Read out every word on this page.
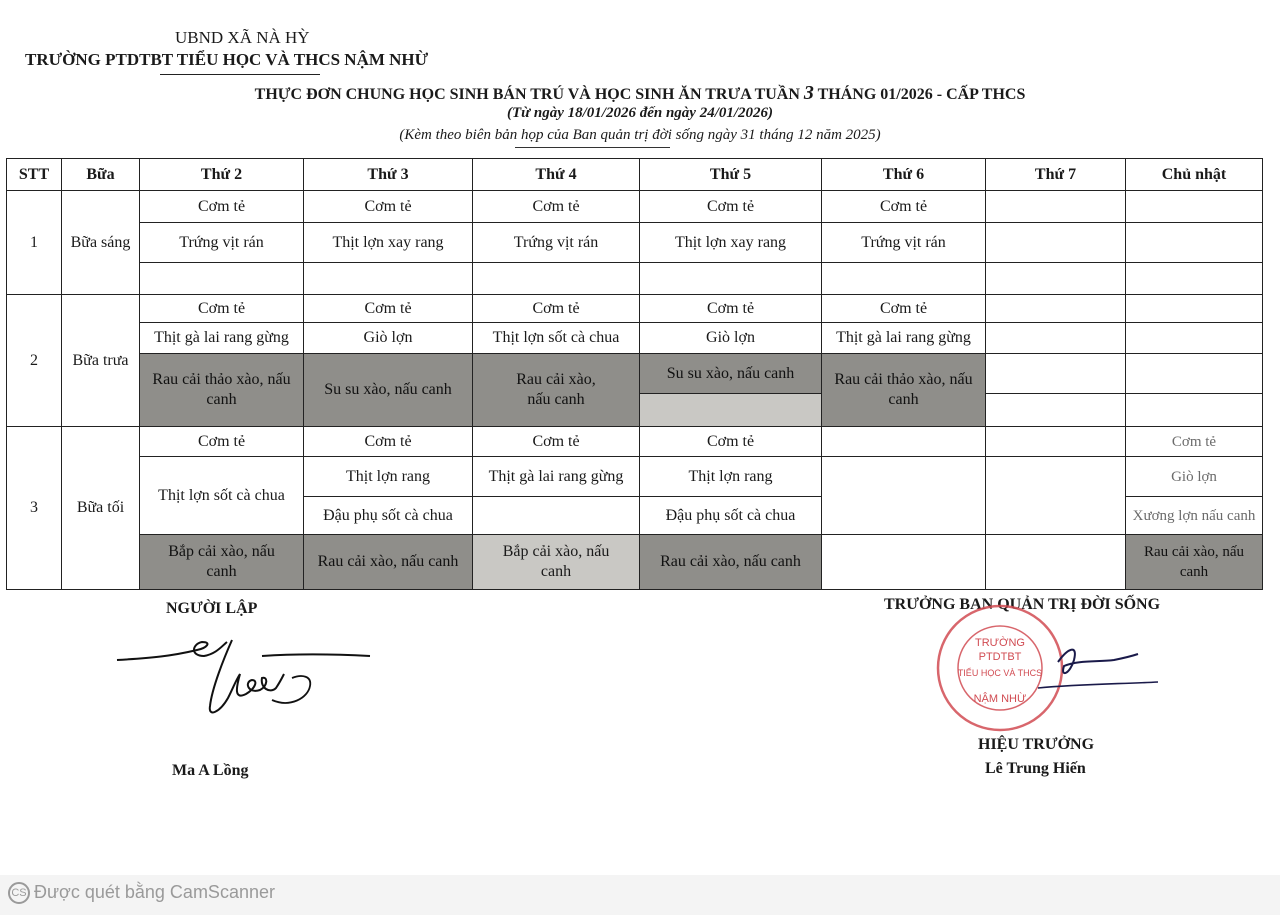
UBND XÃ NÀ HỲ
TRƯỜNG PTDTBT TIỂU HỌC VÀ THCS NẬM NHỪ
THỰC ĐƠN CHUNG HỌC SINH BÁN TRÚ VÀ HỌC SINH ĂN TRƯA TUẦN 3 THÁNG 01/2026 - CẤP THCS
(Từ ngày 18/01/2026 đến ngày 24/01/2026)
(Kèm theo biên bản họp của Ban quản trị đời sống ngày 31 tháng 12 năm 2025)
STT	Bữa	Thứ 2	Thứ 3	Thứ 4	Thứ 5	Thứ 6	Thứ 7	Chủ nhật
1	Bữa sáng	Cơm tẻ	Cơm tẻ	Cơm tẻ	Cơm tẻ	Cơm tẻ		
		Trứng vịt rán	Thịt lợn xay rang	Trứng vịt rán	Thịt lợn xay rang	Trứng vịt rán		

2	Bữa trưa	Cơm tẻ	Cơm tẻ	Cơm tẻ	Cơm tẻ	Cơm tẻ		
		Thịt gà lai rang gừng	Giò lợn	Thịt lợn sốt cà chua	Giò lợn	Thịt gà lai rang gừng		
		Rau cải thảo xào, nấu canh	Su su xào, nấu canh	Rau cải xào, nấu canh	Su su xào, nấu canh	Rau cải thảo xào, nấu canh		

3	Bữa tối	Cơm tẻ	Cơm tẻ	Cơm tẻ	Cơm tẻ			Cơm tẻ
		Thịt lợn sốt cà chua	Thịt lợn rang	Thịt gà lai rang gừng	Thịt lợn rang			Giò lợn
			Đậu phụ sốt cà chua		Đậu phụ sốt cà chua			Xương lợn nấu canh
		Bắp cải xào, nấu canh	Rau cải xào, nấu canh	Bắp cải xào, nấu canh	Rau cải xào, nấu canh			Rau cải xào, nấu canh
NGƯỜI LẬP
Ma A Lồng
TRƯỞNG BAN QUẢN TRỊ ĐỜI SỐNG
TRƯỜNG
PTDTBT
TIỂU HỌC VÀ THCS
NẬM NHỪ
HIỆU TRƯỞNG
Lê Trung Hiến
CS Được quét bằng CamScanner
